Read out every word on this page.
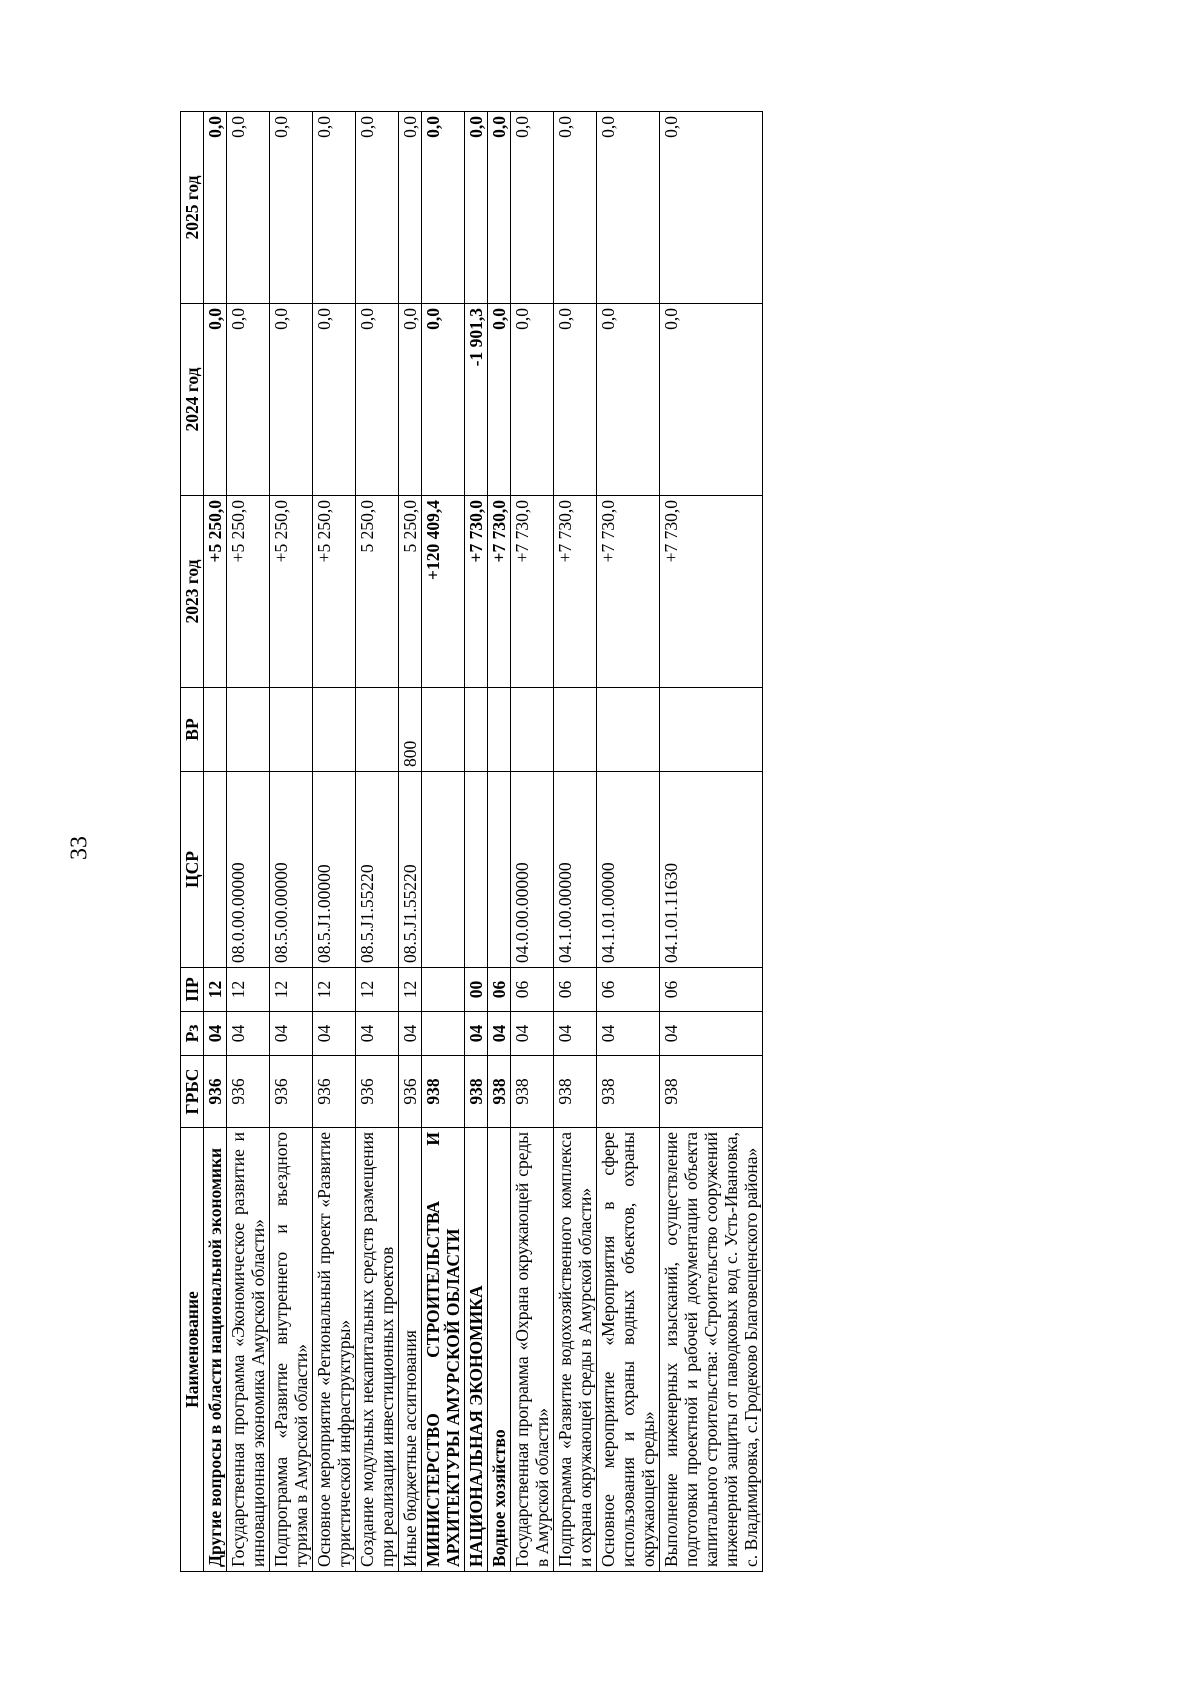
33
Наименование	ГРБС	Рз	ПР	ЦСР	ВР	2023 год	2024 год	2025 год
Другие вопросы в области национальной экономики	936	04	12			+5 250,0	0,0	0,0
Государственная программа «Экономическое развитие и инновационная экономика Амурской области»	936	04	12	08.0.00.00000		+5 250,0	0,0	0,0
Подпрограмма «Развитие внутреннего и въездного туризма в Амурской области»	936	04	12	08.5.00.00000		+5 250,0	0,0	0,0
Основное мероприятие «Региональный проект «Развитие туристической инфраструктуры»	936	04	12	08.5.J1.00000		+5 250,0	0,0	0,0
Создание модульных некапитальных средств размещения при реализации инвестиционных проектов	936	04	12	08.5.J1.55220		5 250,0	0,0	0,0
Иные бюджетные ассигнования	936	04	12	08.5.J1.55220	800	5 250,0	0,0	0,0
МИНИСТЕРСТВО СТРОИТЕЛЬСТВА И АРХИТЕКТУРЫ АМУРСКОЙ ОБЛАСТИ	938					+120 409,4	0,0	0,0
НАЦИОНАЛЬНАЯ ЭКОНОМИКА	938	04	00			+7 730,0	-1 901,3	0,0
Водное хозяйство	938	04	06			+7 730,0	0,0	0,0
Государственная программа «Охрана окружающей среды в Амурской области»	938	04	06	04.0.00.00000		+7 730,0	0,0	0,0
Подпрограмма «Развитие водохозяйственного комплекса и охрана окружающей среды в Амурской области»	938	04	06	04.1.00.00000		+7 730,0	0,0	0,0
Основное мероприятие «Мероприятия в сфере использования и охраны водных объектов, охраны окружающей среды»	938	04	06	04.1.01.00000		+7 730,0	0,0	0,0
Выполнение инженерных изысканий, осуществление подготовки проектной и рабочей документации объекта капитального строительства: «Строительство сооружений инженерной защиты от паводковых вод с. Усть-Ивановка, с. Владимировка, с.Гродеково Благовещенского района»	938	04	06	04.1.01.11630		+7 730,0	0,0	0,0
